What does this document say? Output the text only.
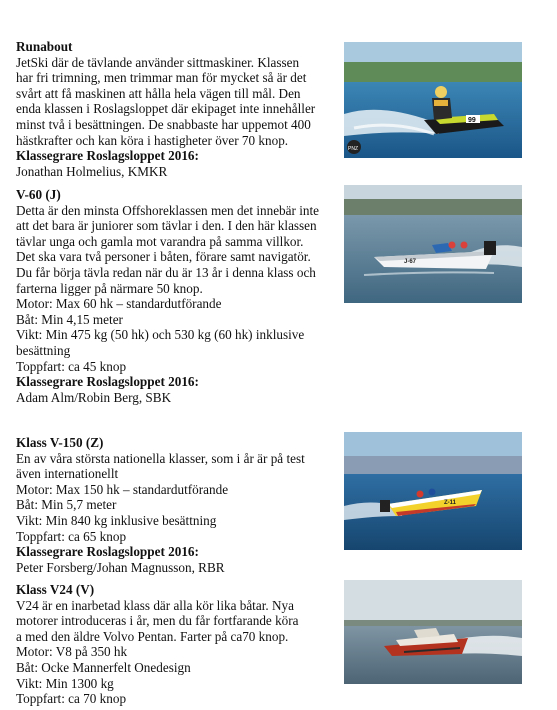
Runabout
JetSki där de tävlande använder sittmaskiner. Klassen
har fri trimning, men trimmar man för mycket så är det
svårt att få maskinen att hålla hela vägen till mål. Den
enda klassen i Roslagsloppet där ekipaget inte innehåller
minst två i besättningen. De snabbaste har uppemot 400
hästkrafter och kan köra i hastigheter över 70 knop.
Klassegrare Roslagsloppet 2016:
Jonathan Holmelius, KMKR
99
PNZ
V-60 (J)
Detta är den minsta Offshoreklassen men det innebär inte
att det bara är juniorer som tävlar i den. I den här klassen
tävlar unga och gamla mot varandra på samma villkor.
Det ska vara två personer i båten, förare samt navigatör.
Du får börja tävla redan när du är 13 år i denna klass och
farterna ligger på närmare 50 knop.
Motor: Max 60 hk – standardutförande
Båt: Min 4,15 meter
Vikt: Min 475 kg (50 hk) och 530 kg (60 hk) inklusive
besättning
Toppfart: ca 45 knop
Klassegrare Roslagsloppet 2016:
Adam Alm/Robin Berg, SBK
J-67
Klass V-150 (Z)
En av våra största nationella klasser, som i år är på test
även internationellt
Motor: Max 150 hk – standardutförande
Båt: Min 5,7 meter
Vikt: Min 840 kg inklusive besättning
Toppfart: ca 65 knop
Klassegrare Roslagsloppet 2016:
Peter Forsberg/Johan Magnusson, RBR
Z-11
Klass V24 (V)
V24 är en inarbetad klass där alla kör lika båtar. Nya
motorer introduceras i år, men du får fortfarande köra
a med den äldre Volvo Pentan. Farter på ca70 knop.
Motor: V8 på 350 hk
Båt: Ocke Mannerfelt Onedesign
Vikt: Min 1300 kg
Toppfart: ca 70 knop
